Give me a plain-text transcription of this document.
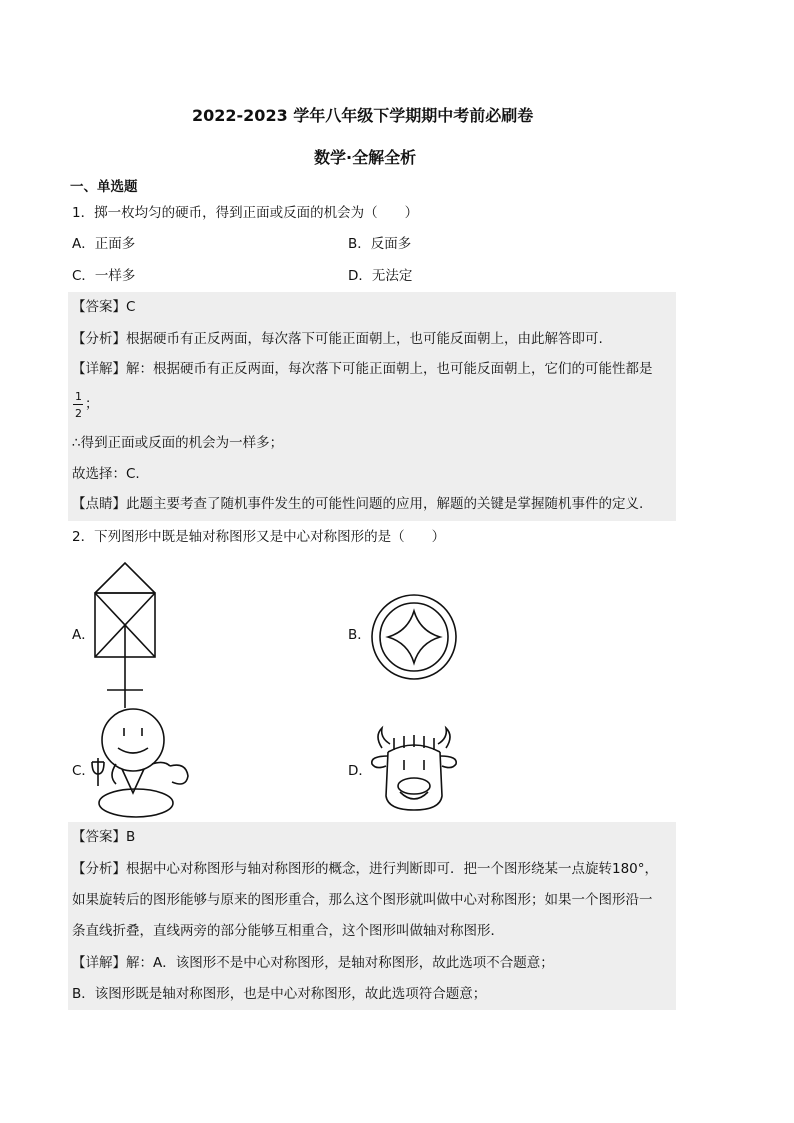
2022-2023 学年八年级下学期期中考前必刷卷
数学·全解全析
一、单选题
1．掷一枚均匀的硬币，得到正面或反面的机会为（　　）
A．正面多	B．反面多
C．一样多	D．无法定
【答案】C
【分析】根据硬币有正反两面，每次落下可能正面朝上，也可能反面朝上，由此解答即可.
【详解】解：根据硬币有正反两面，每次落下可能正面朝上，也可能反面朝上，它们的可能性都是
1
2
；
∴得到正面或反面的机会为一样多；
故选择：C.
【点睛】此题主要考查了随机事件发生的可能性问题的应用，解题的关键是掌握随机事件的定义.
2．下列图形中既是轴对称图形又是中心对称图形的是（　　）
A．	B．
C．	D．
【答案】B
【分析】根据中心对称图形与轴对称图形的概念，进行判断即可．把一个图形绕某一点旋转180°，
如果旋转后的图形能够与原来的图形重合，那么这个图形就叫做中心对称图形；如果一个图形沿一
条直线折叠，直线两旁的部分能够互相重合，这个图形叫做轴对称图形．
【详解】解：A．该图形不是中心对称图形，是轴对称图形，故此选项不合题意；
B．该图形既是轴对称图形，也是中心对称图形，故此选项符合题意；
